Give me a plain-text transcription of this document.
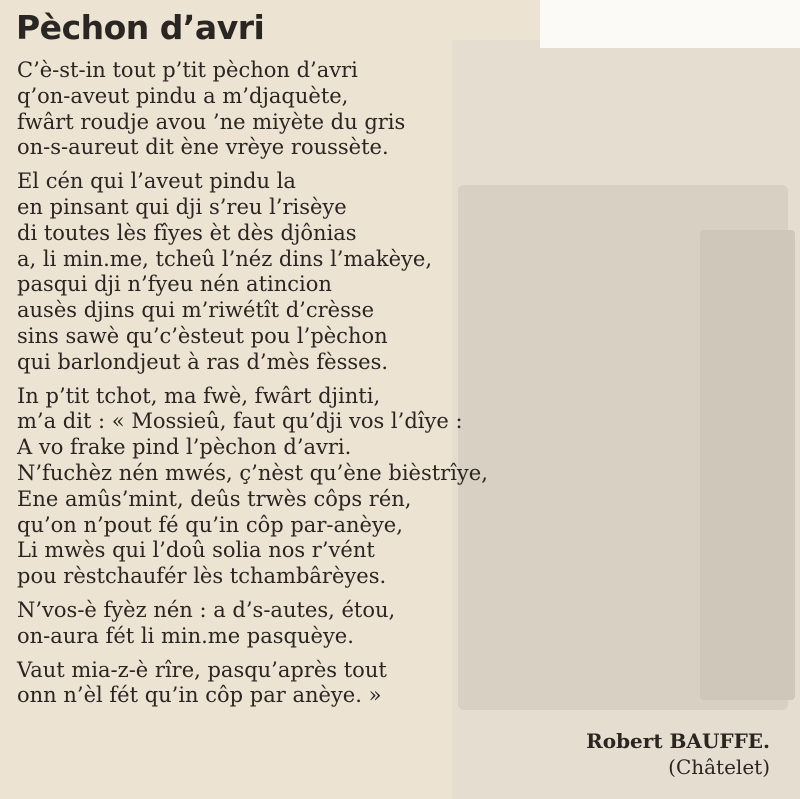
Pèchon d’avri
C’è-st-in tout p’tit pèchon d’avri
q’on-aveut pindu a m’djaquète,
fwârt roudje avou ’ne miyète du gris
on-s-aureut dit ène vrèye roussète.
El cén qui l’aveut pindu la
en pinsant qui dji s’reu l’risèye
di toutes lès fîyes èt dès djônias
a, li min.me, tcheû l’néz dins l’makèye,
pasqui dji n’fyeu nén atincion
ausès djins qui m’riwétît d’crèsse
sins sawè qu’c’èsteut pou l’pèchon
qui barlondjeut à ras d’mès fèsses.
In p’tit tchot, ma fwè, fwârt djinti,
m’a dit : « Mossieû, faut qu’dji vos l’dîye :
A vo frake pind l’pèchon d’avri.
N’fuchèz nén mwés, ç’nèst qu’ène bièstrîye,
Ene amûs’mint, deûs trwès côps rén,
qu’on n’pout fé qu’in côp par-anèye,
Li mwès qui l’doû solia nos r’vént
pou rèstchaufér lès tchambârèyes.
N’vos-è fyèz nén : a d’s-autes, étou,
on-aura fét li min.me pasquèye.
Vaut mia-z-è rîre, pasqu’après tout
onn n’èl fét qu’in côp par anèye. »
Robert BAUFFE.
(Châtelet)
